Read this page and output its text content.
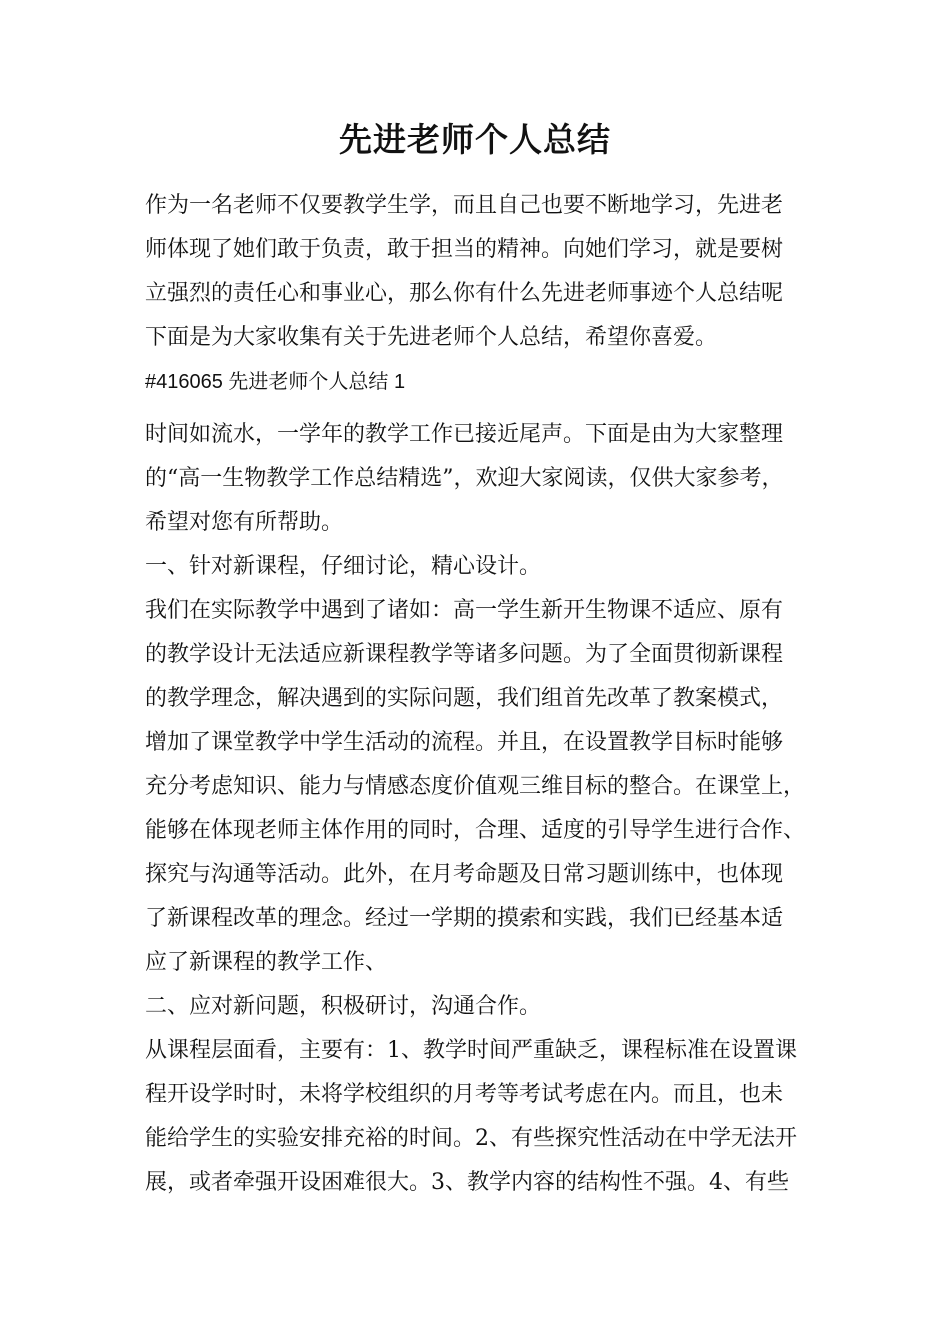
先进老师个人总结
作为一名老师不仅要教学生学，而且自己也要不断地学习，先进老
师体现了她们敢于负责，敢于担当的精神。向她们学习，就是要树
立强烈的责任心和事业心，那么你有什么先进老师事迹个人总结呢
下面是为大家收集有关于先进老师个人总结，希望你喜爱。
#416065 先进老师个人总结 1
时间如流水，一学年的教学工作已接近尾声。下面是由为大家整理
的“高一生物教学工作总结精选”，欢迎大家阅读，仅供大家参考，
希望对您有所帮助。
一、针对新课程，仔细讨论，精心设计。
我们在实际教学中遇到了诸如：高一学生新开生物课不适应、原有
的教学设计无法适应新课程教学等诸多问题。为了全面贯彻新课程
的教学理念，解决遇到的实际问题，我们组首先改革了教案模式，
增加了课堂教学中学生活动的流程。并且，在设置教学目标时能够
充分考虑知识、能力与情感态度价值观三维目标的整合。在课堂上，
能够在体现老师主体作用的同时，合理、适度的引导学生进行合作、
探究与沟通等活动。此外，在月考命题及日常习题训练中，也体现
了新课程改革的理念。经过一学期的摸索和实践，我们已经基本适
应了新课程的教学工作、
二、应对新问题，积极研讨，沟通合作。
从课程层面看，主要有：1、教学时间严重缺乏，课程标准在设置课
程开设学时时，未将学校组织的月考等考试考虑在内。而且，也未
能给学生的实验安排充裕的时间。2、有些探究性活动在中学无法开
展，或者牵强开设困难很大。3、教学内容的结构性不强。4、有些
